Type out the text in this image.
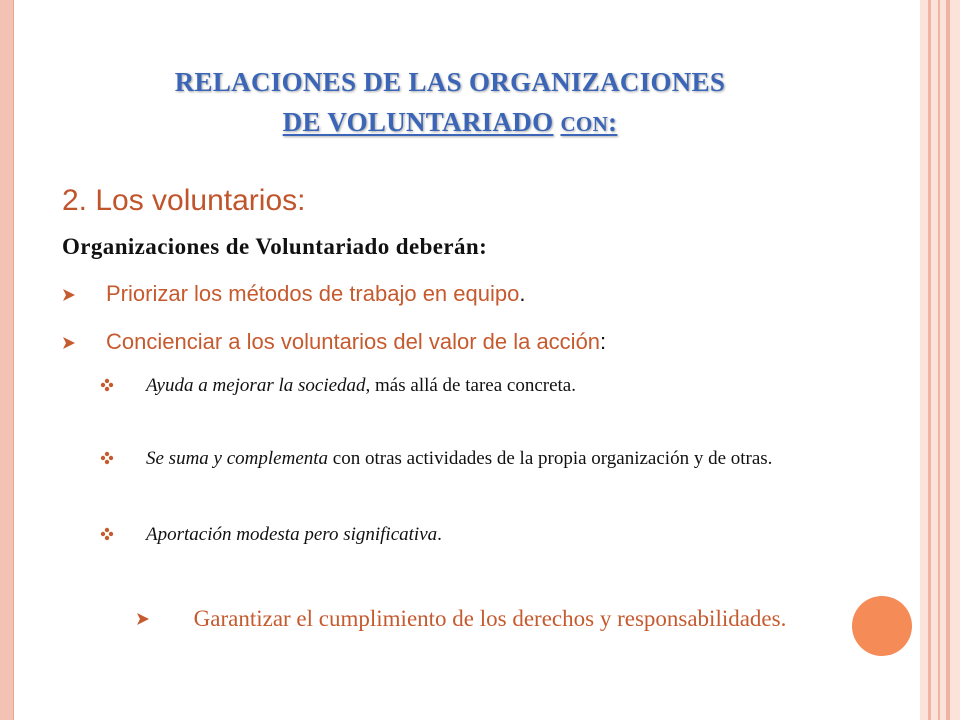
RELACIONES DE LAS ORGANIZACIONES
DE VOLUNTARIADO CON:
2. Los voluntarios:
Organizaciones de Voluntariado deberán:
Priorizar los métodos de trabajo en equipo.
Concienciar a los voluntarios del valor de la acción:
Ayuda a mejorar la sociedad, más allá de tarea concreta.
Se suma y complementa con otras actividades de la propia organización y de otras.
Aportación modesta pero significativa.
Garantizar el cumplimiento de los derechos y responsabilidades.
